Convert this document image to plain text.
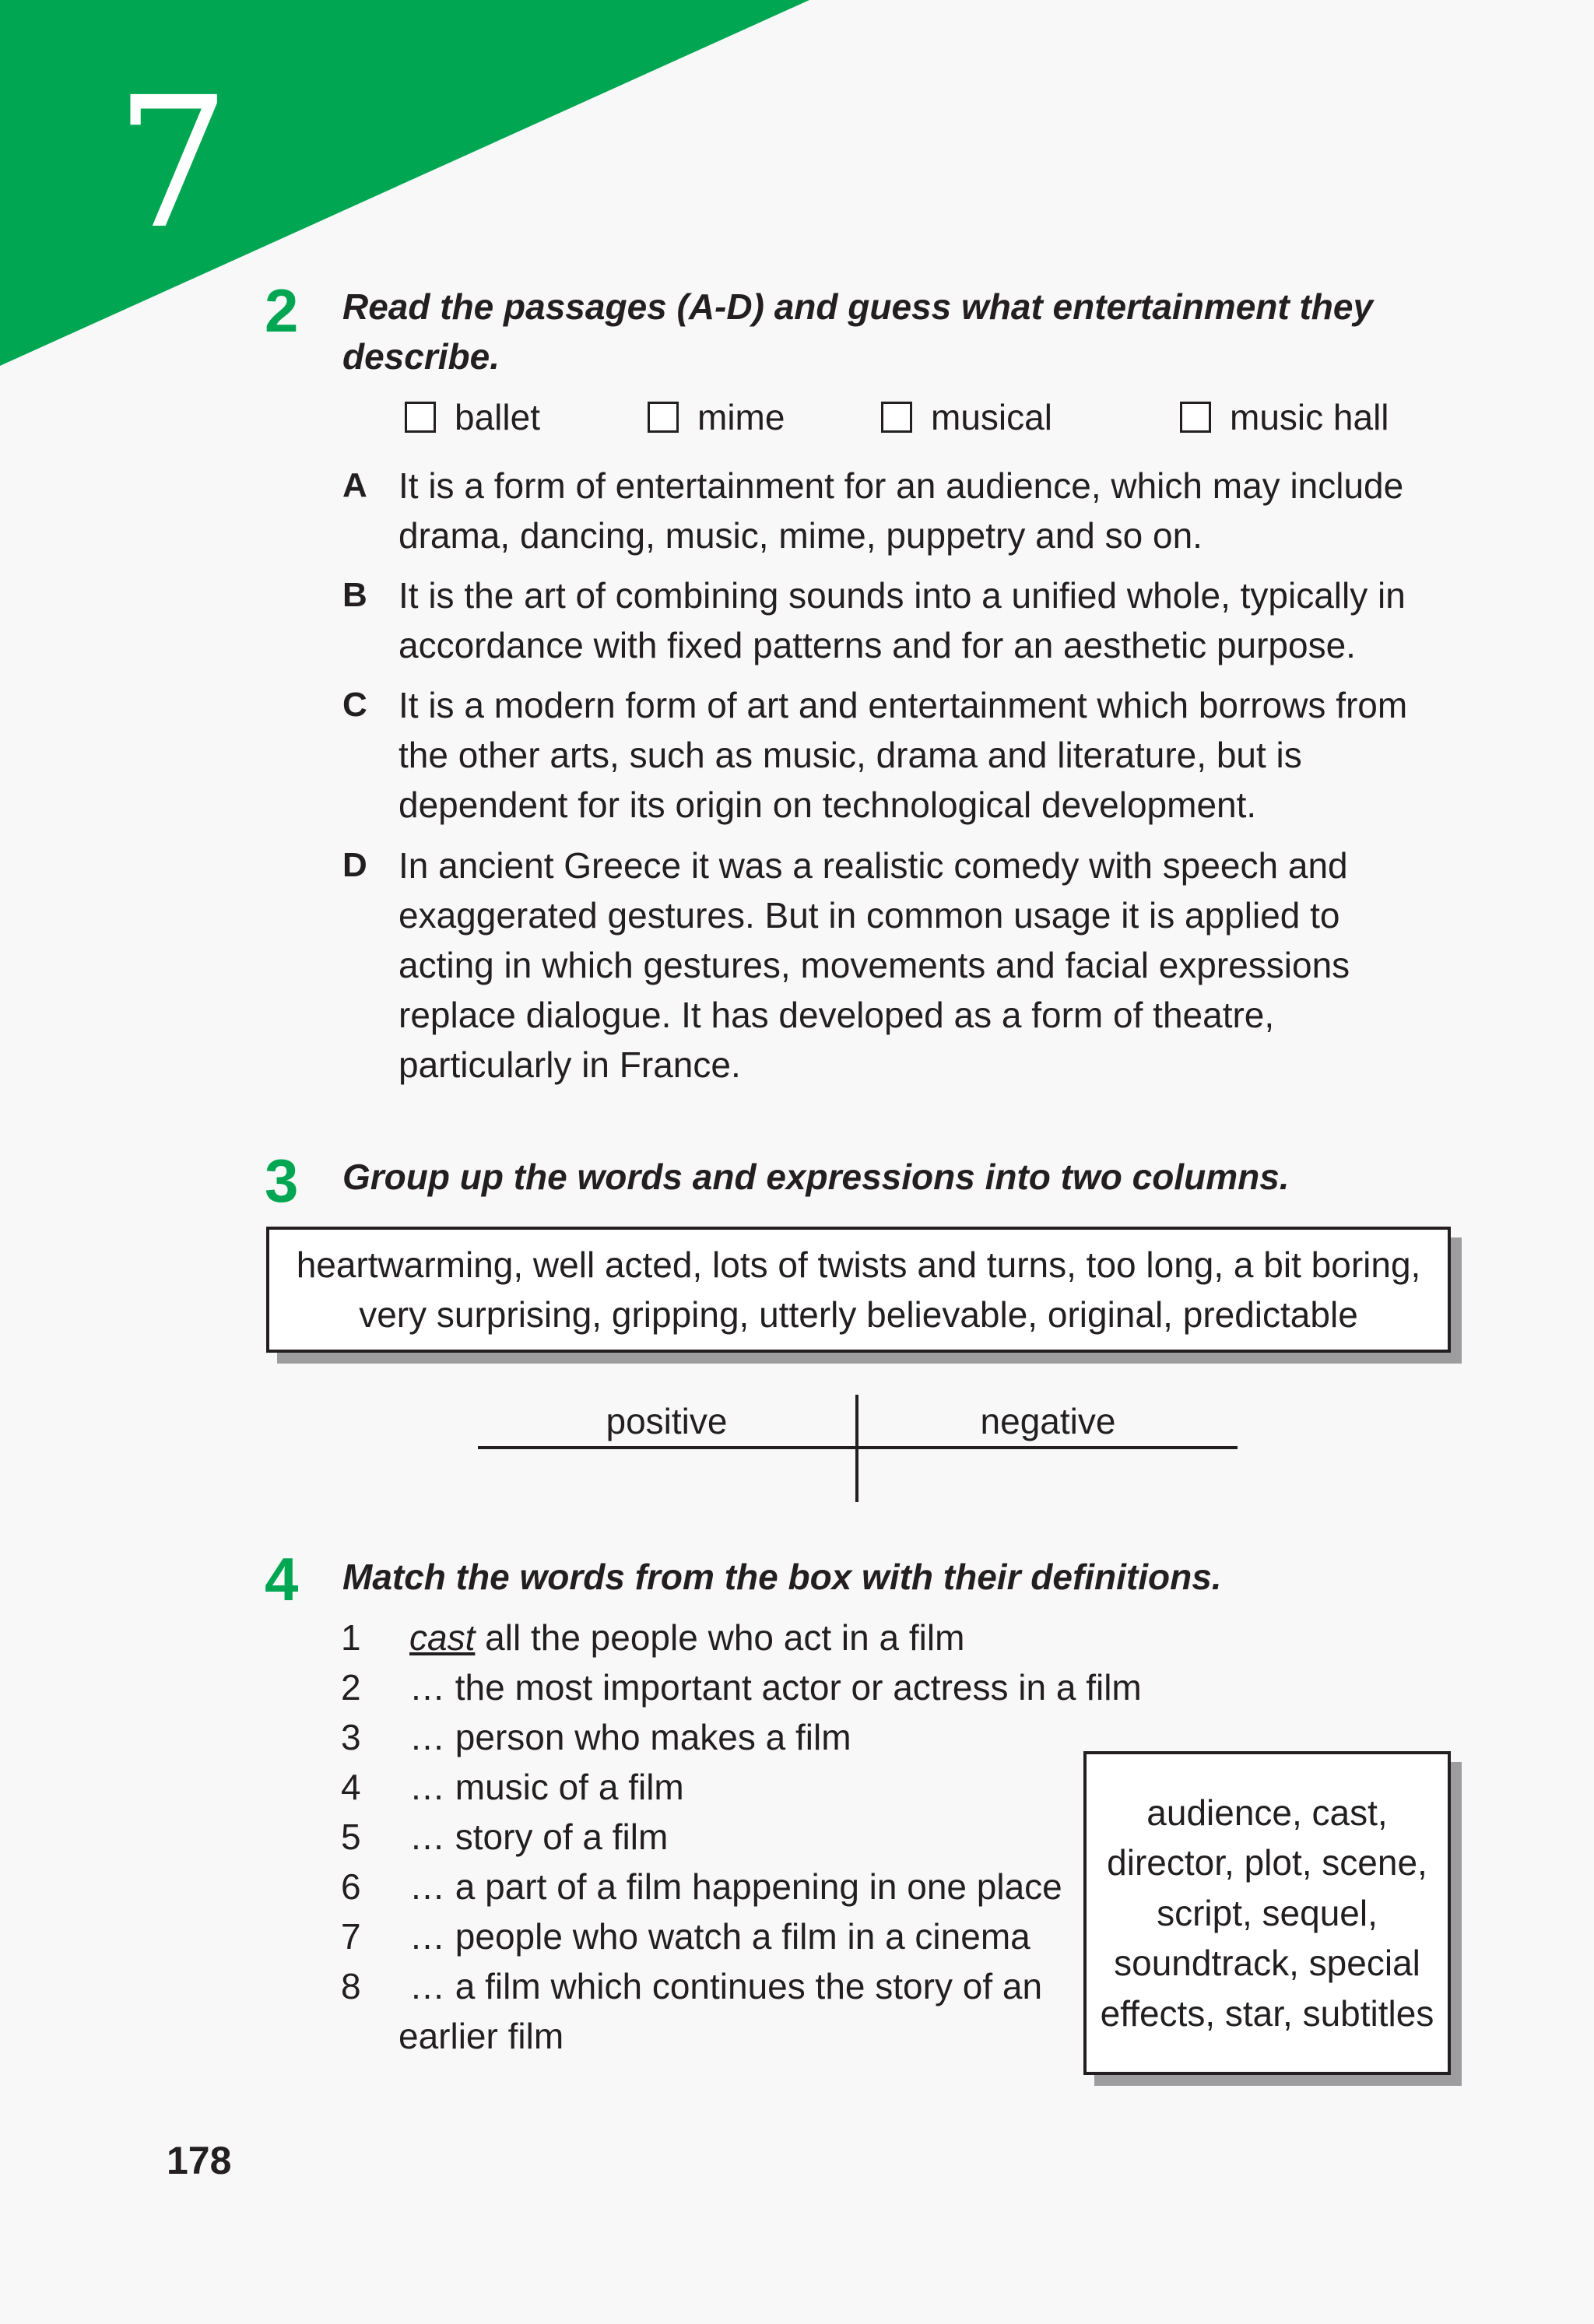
7
2	Read the passages (A-D) and guess what entertainment they describe.
ballet	mime	musical	music hall
A It is a form of entertainment for an audience, which may include drama, dancing, music, mime, puppetry and so on.
B It is the art of combining sounds into a unified whole, typically in accordance with fixed patterns and for an aesthetic purpose.
C It is a modern form of art and entertainment which borrows from the other arts, such as music, drama and literature, but is dependent for its origin on technological development.
D In ancient Greece it was a realistic comedy with speech and exaggerated gestures. But in common usage it is applied to acting in which gestures, movements and facial expressions replace dialogue. It has developed as a form of theatre, particularly in France.
3	Group up the words and expressions into two columns.
heartwarming, well acted, lots of twists and turns, too long, a bit boring, very surprising, gripping, utterly believable, original, predictable
positive	negative
4	Match the words from the box with their definitions.
1	cast all the people who act in a film
2	… the most important actor or actress in a film
3	… person who makes a film
4	… music of a film
5	… story of a film
6	… a part of a film happening in one place
7	… people who watch a film in a cinema
8	… a film which continues the story of an
earlier film
audience, cast, director, plot, scene, script, sequel, soundtrack, special effects, star, subtitles
178
